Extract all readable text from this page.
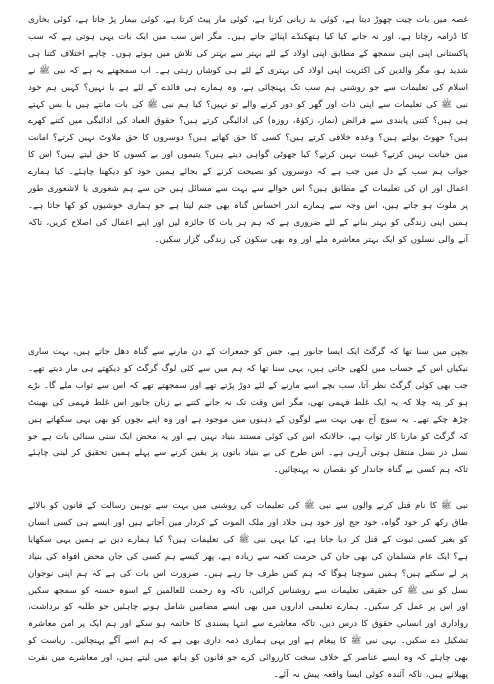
غصہ میں بات چیت چھوڑ دیتا ہے، کوئی بد زبانی کرتا ہے، کوئی مار پیٹ کرتا ہے، کوئی بیمار پڑ جاتا ہے، کوئی بخاری کا ڈرامہ رچاتا ہے، اور نہ جانے کیا کیا ہتھکنڈے اپنائے جاتے ہیں۔ مگر اس سب میں ایک بات یہی ہوتی ہے کہ سب پاکستانی اپنی اپنی سمجھ کے مطابق اپنی اولاد کے لئے بہتر سے بہتر کی تلاش میں ہوتے ہوں۔ چاہے اختلاف کتنا ہی شدید ہو، مگر والدین کی اکثریت اپنی اولاد کی بہتری کے لئے ہی کوشاں رہتی ہے۔ اب سمجھنے یہ ہے کہ نبی ﷺ نے اسلام کی تعلیمات سے جو روشنی ہم سب تک پہنچائی ہے، وہ ہمارے ہی فائدے کے لئے ہے یا نہیں؟ کہیں ہم خود نبی ﷺ کی تعلیمات سے اپنی ذات اور گھر کو دور کرنے والے تو نہیں؟ کیا ہم نبی ﷺ کی بات مانتے ہیں یا بس کہتے ہی ہیں؟ کتنی پابندی سے فرائض (نماز، زکوٰۃ، روزہ) کی ادائیگی کرتے ہیں؟ حقوق العباد کی ادائیگی میں کتنے کھرے ہیں؟ جھوٹ بولتے ہیں؟ وعدہ خلافی کرتے ہیں؟ کسی کا حق کھاتے ہیں؟ دوسروں کا حق ملاوٹ نہیں کرتے؟ امانت میں خیانت نہیں کرتے؟ غیبت نہیں کرتے؟ کیا جھوٹی گواہی دیتے ہیں؟ یتیموں اور بے کسوں کا حق لیتے ہیں؟ اس کا جواب ہم سب کے دل میں جب ہے کہ دوسروں کو نصیحت کرنے کے بجائے ہمیں خود کو دیکھنا چاہئے۔ کیا ہمارے اعمال اور ان کی تعلیمات کے مطابق ہیں؟ اس حوالے سے بہت سے مسائل ہیں جن سے ہم شعوری یا لاشعوری طور پر ملوث ہو جاتے ہیں، اس وجہ سے ہمارے اندر احساس گناہ بھی جنم لیتا ہے جو ہماری خوشیوں کو کھا جاتا ہے۔ ہمیں اپنی زندگی کو بہتر بنانے کے لئے ضروری ہے کہ ہم ہر بات کا جائزہ لیں اور اپنے اعمال کی اصلاح کریں، تاکہ آنے والی نسلوں کو ایک بہتر معاشرہ ملے اور وہ بھی سکون کی زندگی گزار سکیں۔

بچپن میں سنا تھا کہ گرگٹ ایک ایسا جانور ہے، جس کو جمعرات کے دن مارنے سے گناہ دھل جاتے ہیں، بہت ساری نیکیاں اس کے حساب میں لکھی جاتی ہیں، یہی سنا تھا کہ ہم میں سے کئی لوگ گرگٹ کو دیکھتے ہی مار دیتے تھے۔ جب بھی کوئی گرگٹ نظر آتا، سب بچے اسے مارنے کے لئے دوڑ پڑتے تھے اور سمجھتے تھے کہ اس سے ثواب ملے گا۔ بڑے ہو کر پتہ چلا کہ یہ ایک غلط فہمی تھی، مگر اس وقت تک نہ جانے کتنے بے زبان جانور اس غلط فہمی کی بھینٹ چڑھ چکے تھے۔ یہ سوچ آج بھی بہت سے لوگوں کے ذہنوں میں موجود ہے اور وہ اپنے بچوں کو بھی یہی سکھاتے ہیں کہ گرگٹ کو مارنا کار ثواب ہے، حالانکہ اس کی کوئی مستند بنیاد نہیں ہے اور یہ محض ایک سنی سنائی بات ہے جو نسل در نسل منتقل ہوتی آرہی ہے۔ اس طرح کی بے بنیاد باتوں پر یقین کرنے سے پہلے ہمیں تحقیق کر لینی چاہئے تاکہ ہم کسی بے گناہ جاندار کو نقصان نہ پہنچائیں۔

نبی ﷺ کا نام قتل کرنے والوں سے نبی ﷺ کی تعلیمات کی روشنی میں بہت سے توہین رسالت کے قانون کو بالائے طاق رکھ کر خود گواہ، خود جج اور خود ہی جلاد اور ملک الموت کے کردار میں آجاتے ہیں اور ایسے ہی کسی انسان کو بغیر کسی ثبوت کے قتل کر دیا جاتا ہے، کیا یہی نبی ﷺ کی تعلیمات ہیں؟ کیا ہمارے دین نے ہمیں یہی سکھایا ہے؟ ایک عام مسلمان کی بھی جان کی حرمت کعبہ سے زیادہ ہے، پھر کیسے ہم کسی کی جان محض افواہ کی بنیاد پر لے سکتے ہیں؟ ہمیں سوچنا ہوگا کہ ہم کس طرف جا رہے ہیں۔ ضرورت اس بات کی ہے کہ ہم اپنی نوجوان نسل کو نبی ﷺ کی حقیقی تعلیمات سے روشناس کرائیں، تاکہ وہ رحمت للعالمین کے اسوہ حسنہ کو سمجھ سکیں اور اس پر عمل کر سکیں۔ ہمارے تعلیمی اداروں میں بھی ایسے مضامین شامل ہونے چاہئیں جو طلبہ کو برداشت، رواداری اور انسانی حقوق کا درس دیں، تاکہ معاشرے سے انتہا پسندی کا خاتمہ ہو سکے اور ہم ایک پر امن معاشرہ تشکیل دے سکیں۔ یہی نبی ﷺ کا پیغام ہے اور یہی ہماری ذمہ داری بھی ہے کہ ہم اسے آگے پہنچائیں۔ ریاست کو بھی چاہئے کہ وہ ایسے عناصر کے خلاف سخت کارروائی کرے جو قانون کو ہاتھ میں لیتے ہیں، اور معاشرے میں نفرت پھیلاتے ہیں، تاکہ آئندہ کوئی ایسا واقعہ پیش نہ آئے۔
